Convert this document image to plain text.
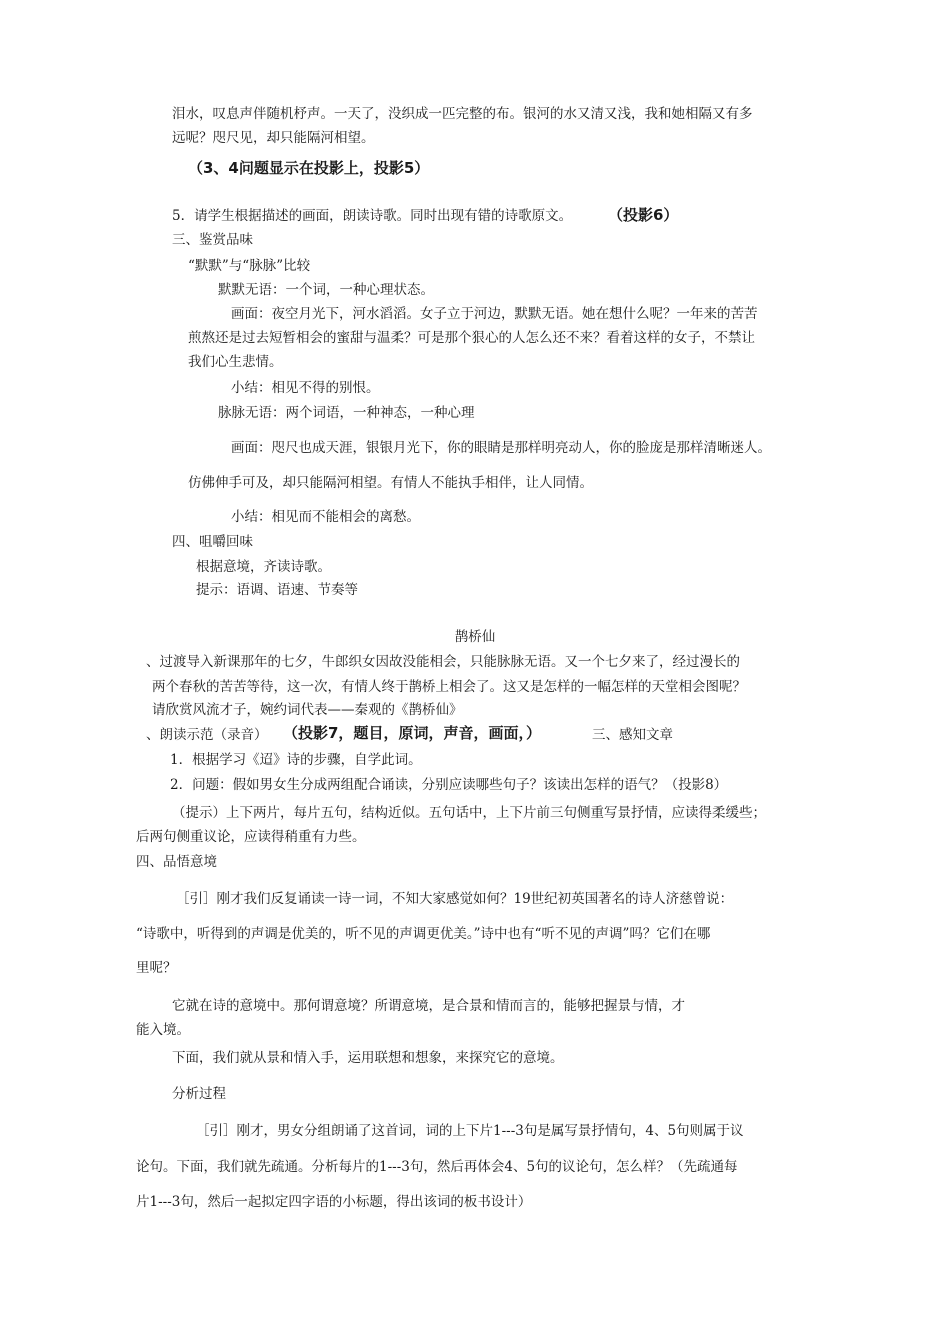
泪水，叹息声伴随机杼声。一天了，没织成一匹完整的布。银河的水又清又浅，我和她相隔又有多
远呢？咫尺见，却只能隔河相望。
（3、4问题显示在投影上，投影5）
5．请学生根据描述的画面，朗读诗歌。同时出现有错的诗歌原文。 （投影6）
三、鉴赏品味
“默默”与“脉脉”比较
默默无语：一个词，一种心理状态。
画面：夜空月光下，河水滔滔。女子立于河边，默默无语。她在想什么呢？一年来的苦苦
煎熬还是过去短暂相会的蜜甜与温柔？可是那个狠心的人怎么还不来？看着这样的女子，不禁让
我们心生悲情。
小结：相见不得的别恨。
脉脉无语：两个词语，一种神态，一种心理
画面：咫尺也成天涯，银银月光下，你的眼睛是那样明亮动人，你的脸庞是那样清晰迷人。
仿佛伸手可及，却只能隔河相望。有情人不能执手相伴，让人同情。
小结：相见而不能相会的离愁。
四、咀嚼回味
根据意境，齐读诗歌。
提示：语调、语速、节奏等
鹊桥仙
、过渡导入新课那年的七夕，牛郎织女因故没能相会，只能脉脉无语。又一个七夕来了，经过漫长的
两个春秋的苦苦等待，这一次，有情人终于鹊桥上相会了。这又是怎样的一幅怎样的天堂相会图呢？
请欣赏风流才子，婉约词代表——秦观的《鹊桥仙》
、朗读示范（录音） （投影7，题目，原词，声音，画面，）	三、感知文章
1．根据学习《迢》诗的步骤，自学此词。
2．问题：假如男女生分成两组配合诵读，分别应读哪些句子？该读出怎样的语气？（投影8）
（提示）上下两片，每片五句，结构近似。五句话中，上下片前三句侧重写景抒情，应读得柔缓些；
后两句侧重议论，应读得稍重有力些。
四、品悟意境
［引］刚才我们反复诵读一诗一词，不知大家感觉如何？19世纪初英国著名的诗人济慈曾说：
“诗歌中，听得到的声调是优美的，听不见的声调更优美。”诗中也有“听不见的声调”吗？它们在哪
里呢？
它就在诗的意境中。那何谓意境？所谓意境，是合景和情而言的，能够把握景与情，才
能入境。
下面，我们就从景和情入手，运用联想和想象，来探究它的意境。
分析过程
［引］刚才，男女分组朗诵了这首词，词的上下片1---3句是属写景抒情句，4、5句则属于议
论句。下面，我们就先疏通。分析每片的1---3句，然后再体会4、5句的议论句，怎么样？（先疏通每
片1---3句，然后一起拟定四字语的小标题，得出该词的板书设计）
